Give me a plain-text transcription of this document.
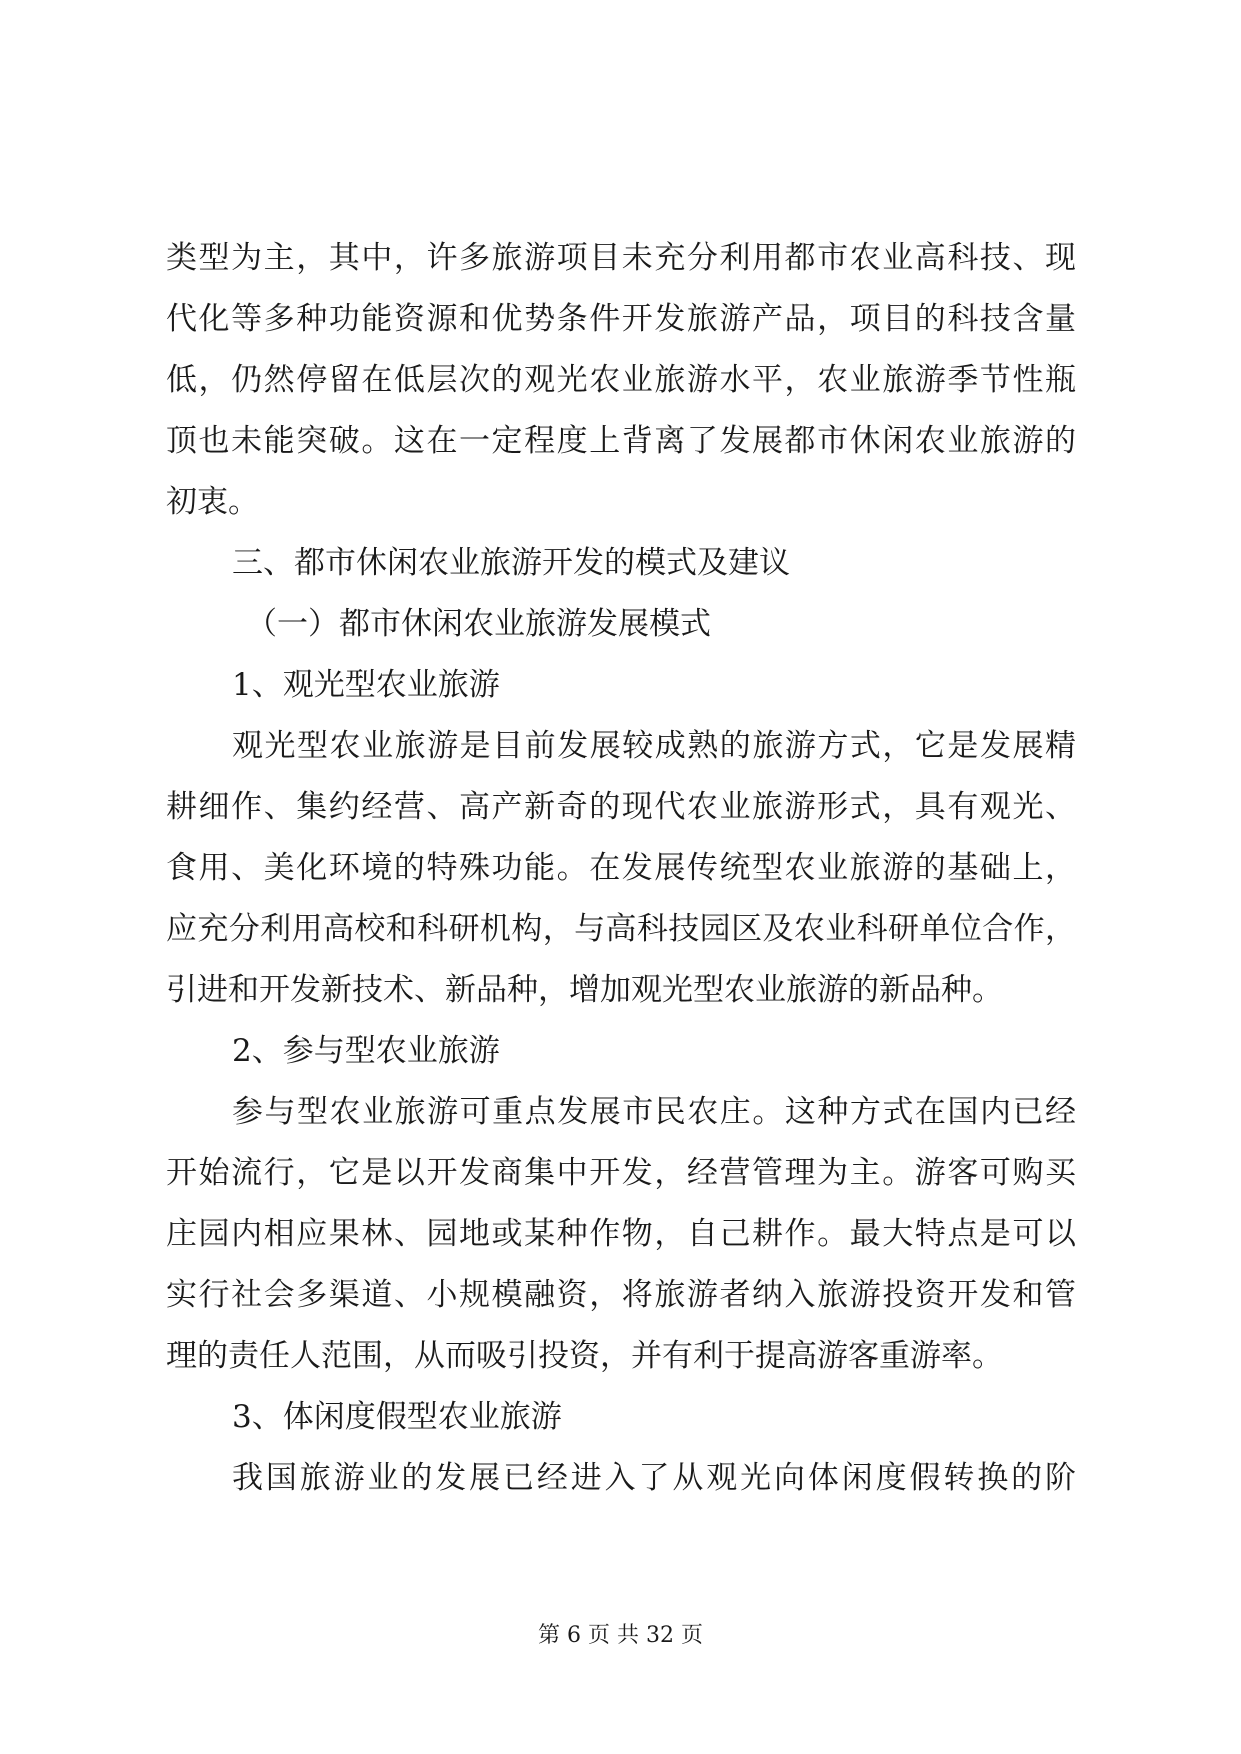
类型为主，其中，许多旅游项目未充分利用都市农业高科技、现
代化等多种功能资源和优势条件开发旅游产品，项目的科技含量
低，仍然停留在低层次的观光农业旅游水平，农业旅游季节性瓶
顶也未能突破。这在一定程度上背离了发展都市休闲农业旅游的
初衷。
三、都市休闲农业旅游开发的模式及建议
（一）都市休闲农业旅游发展模式
1、观光型农业旅游
观光型农业旅游是目前发展较成熟的旅游方式，它是发展精
耕细作、集约经营、高产新奇的现代农业旅游形式，具有观光、
食用、美化环境的特殊功能。在发展传统型农业旅游的基础上，
应充分利用高校和科研机构，与高科技园区及农业科研单位合作，
引进和开发新技术、新品种，增加观光型农业旅游的新品种。
2、参与型农业旅游
参与型农业旅游可重点发展市民农庄。这种方式在国内已经
开始流行，它是以开发商集中开发，经营管理为主。游客可购买
庄园内相应果林、园地或某种作物，自己耕作。最大特点是可以
实行社会多渠道、小规模融资，将旅游者纳入旅游投资开发和管
理的责任人范围，从而吸引投资，并有利于提高游客重游率。
3、体闲度假型农业旅游
我国旅游业的发展已经进入了从观光向体闲度假转换的阶
第 6 页 共 32 页
